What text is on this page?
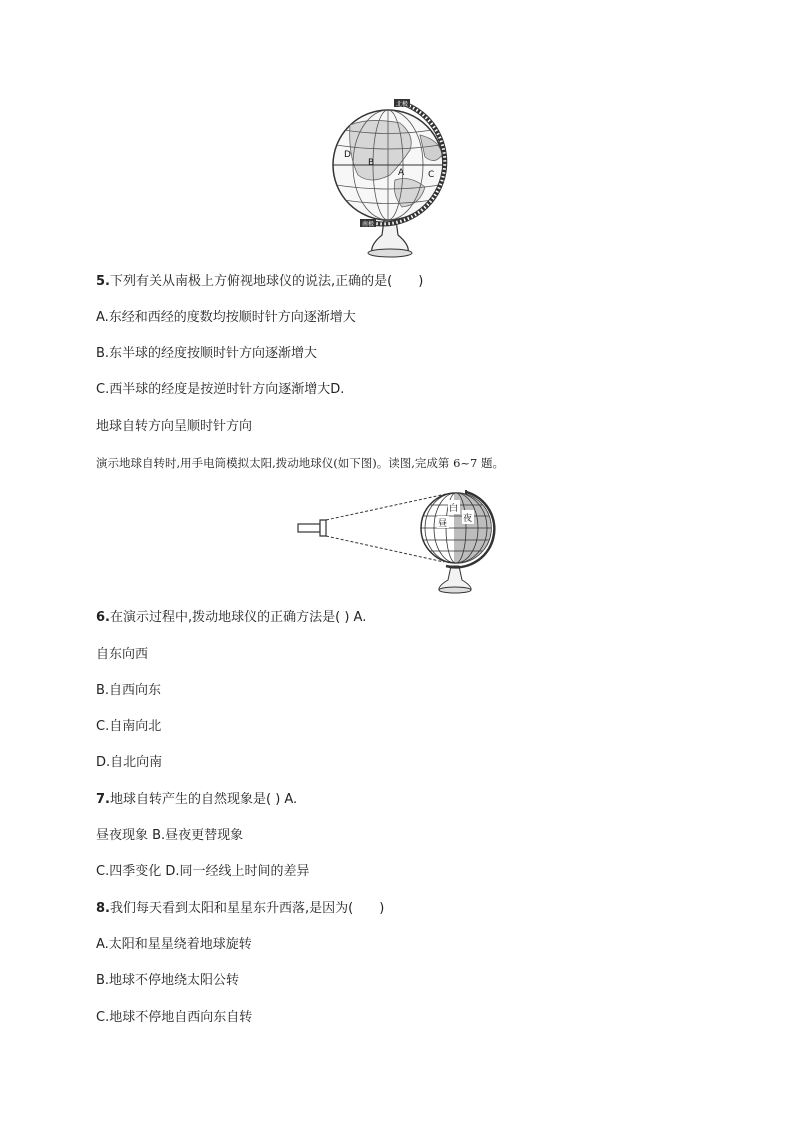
北极
南极
D
B
A	C
5.下列有关从南极上方俯视地球仪的说法,正确的是(　　)
A.东经和西经的度数均按顺时针方向逐渐增大
B.东半球的经度按顺时针方向逐渐增大
C.西半球的经度是按逆时针方向逐渐增大D.
地球自转方向呈顺时针方向
演示地球自转时,用手电筒模拟太阳,拨动地球仪(如下图)。读图,完成第 6~7 题。
白
昼 夜
6.在演示过程中,拨动地球仪的正确方法是( ) A.
自东向西
B.自西向东
C.自南向北
D.自北向南
7.地球自转产生的自然现象是( ) A.
昼夜现象 B.昼夜更替现象
C.四季变化 D.同一经线上时间的差异
8.我们每天看到太阳和星星东升西落,是因为(　　)
A.太阳和星星绕着地球旋转
B.地球不停地绕太阳公转
C.地球不停地自西向东自转
